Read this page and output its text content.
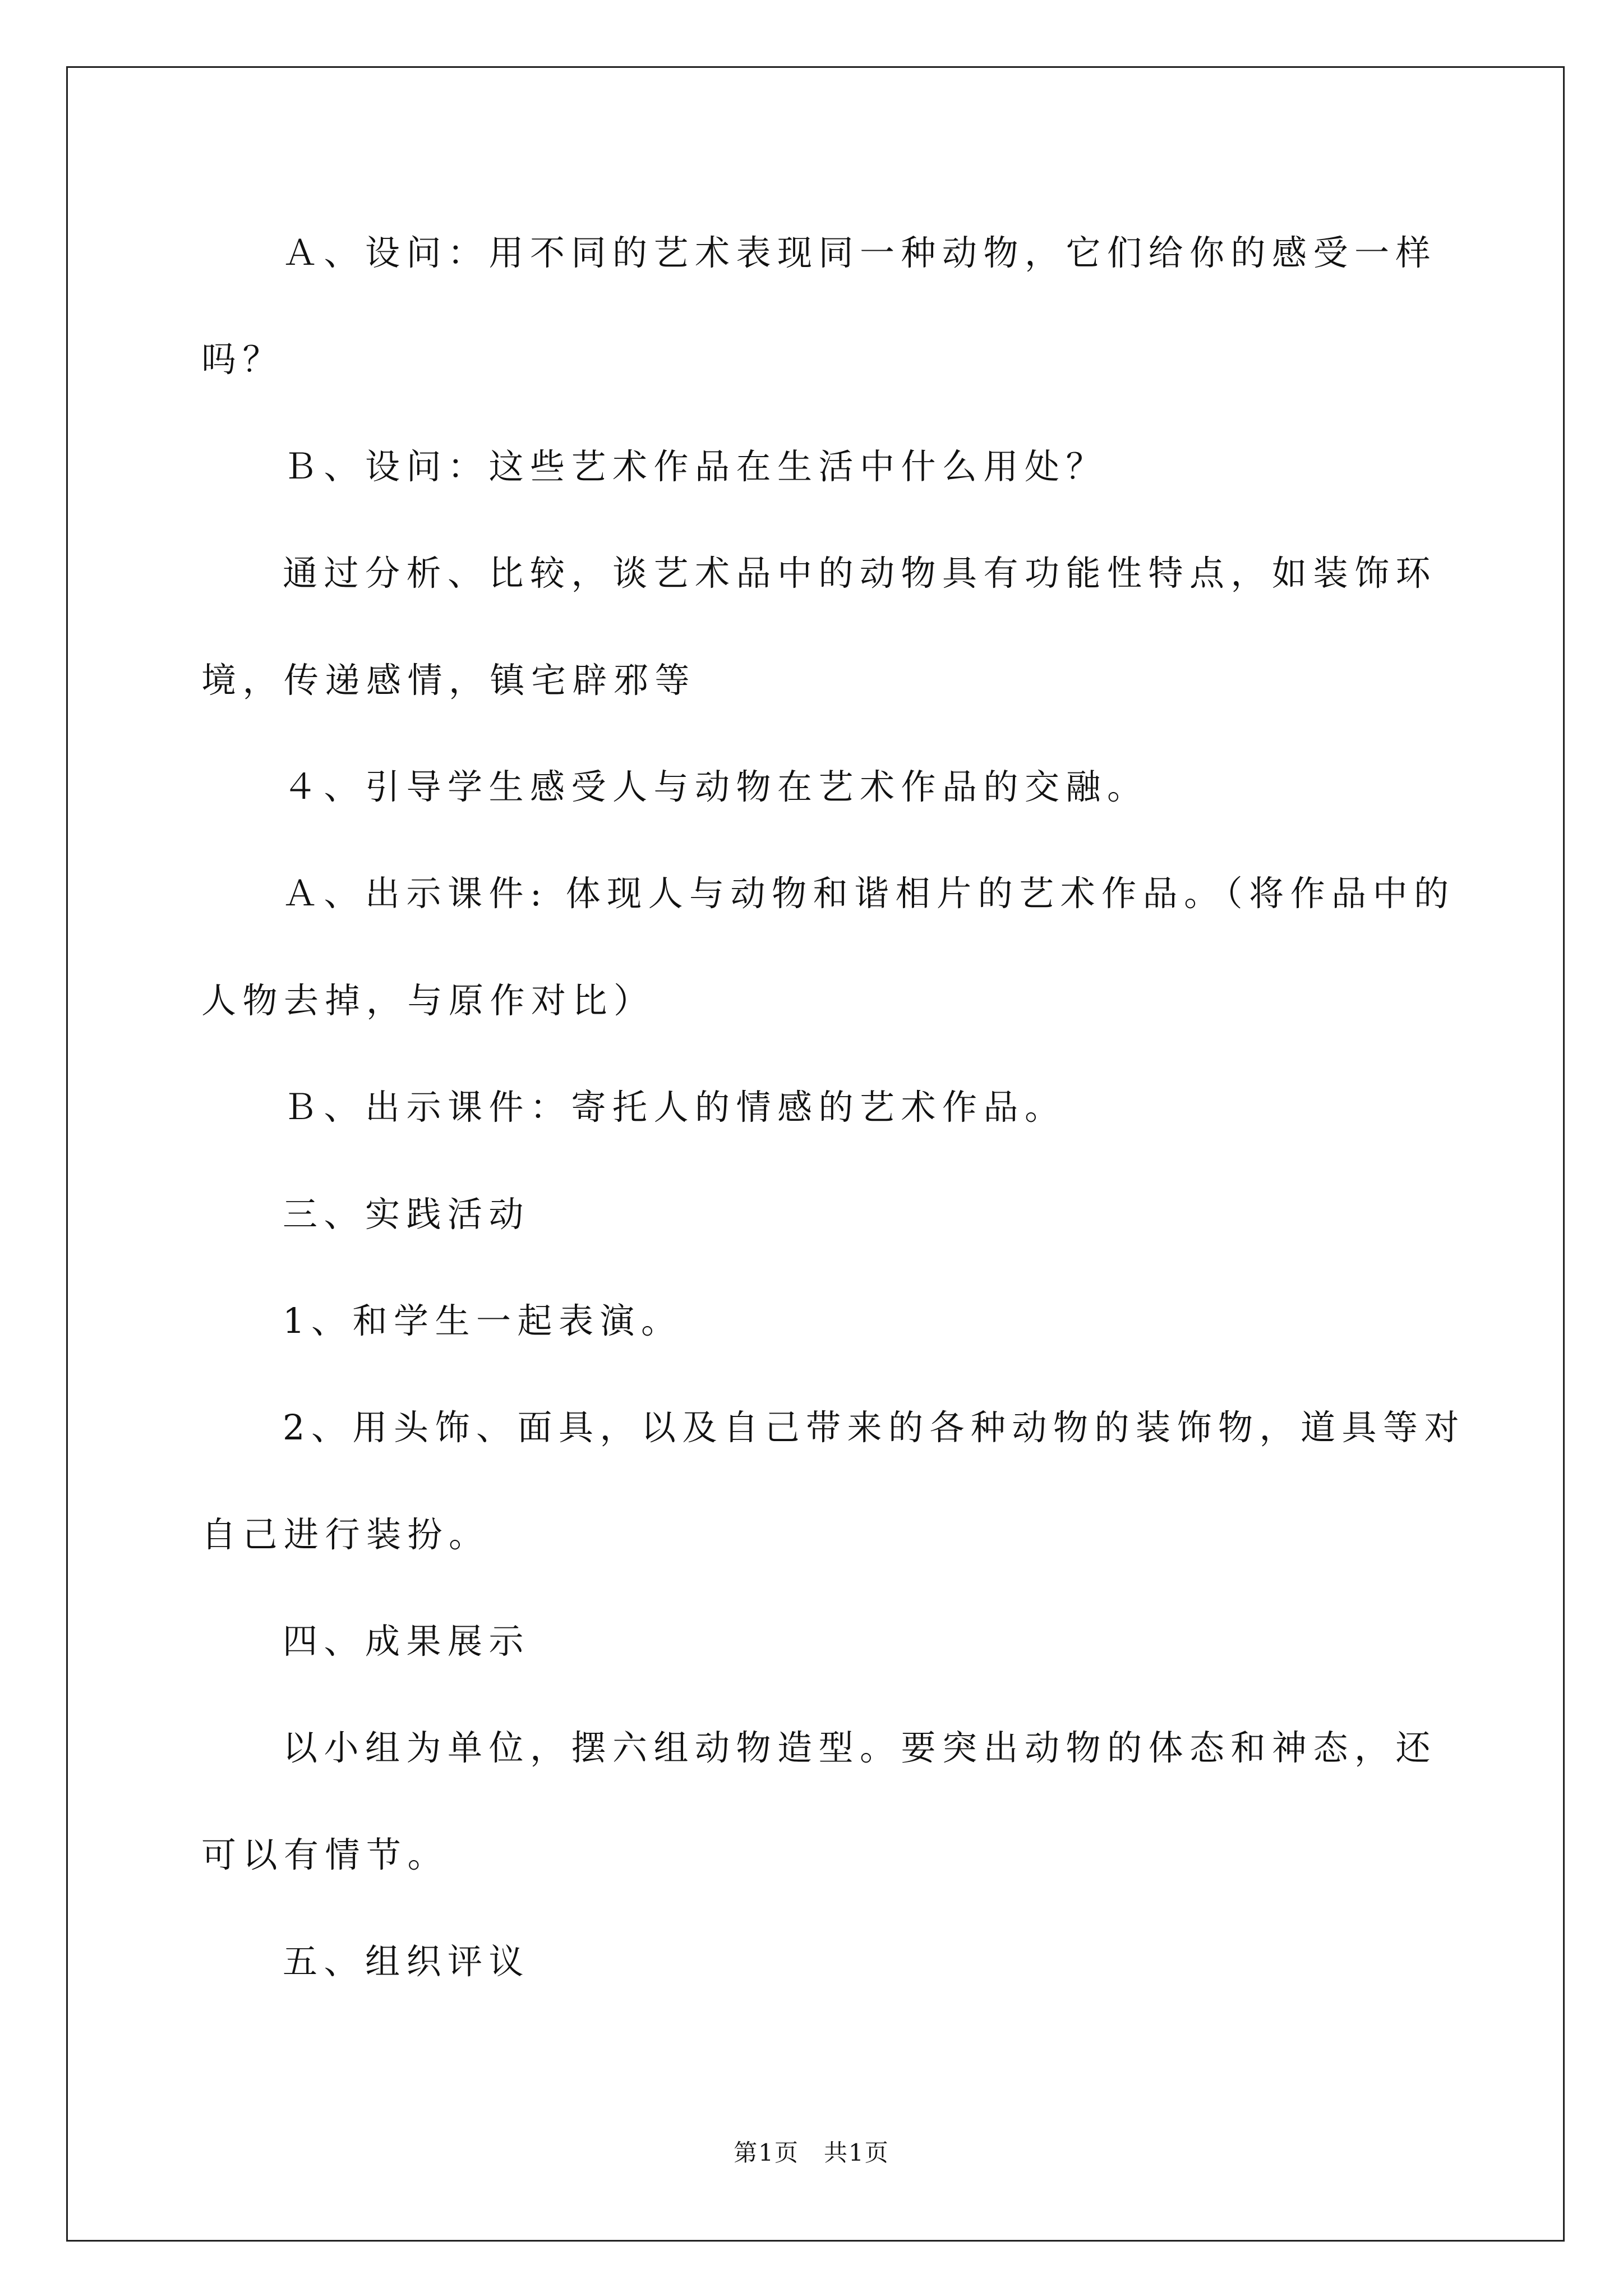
Ａ、设问：用不同的艺术表现同一种动物，它们给你的感受一样
吗？
Ｂ、设问：这些艺术作品在生活中什么用处？
通过分析、比较，谈艺术品中的动物具有功能性特点，如装饰环
境，传递感情，镇宅辟邪等
４、引导学生感受人与动物在艺术作品的交融。
Ａ、出示课件: 体现人与动物和谐相片的艺术作品。（将作品中的
人物去掉，与原作对比）
Ｂ、出示课件：寄托人的情感的艺术作品。
三、实践活动
1、和学生一起表演。
2、用头饰、面具，以及自己带来的各种动物的装饰物，道具等对
自己进行装扮。
四、成果展示
以小组为单位，摆六组动物造型。要突出动物的体态和神态，还
可以有情节。
五、组织评议
第1页　共1页
